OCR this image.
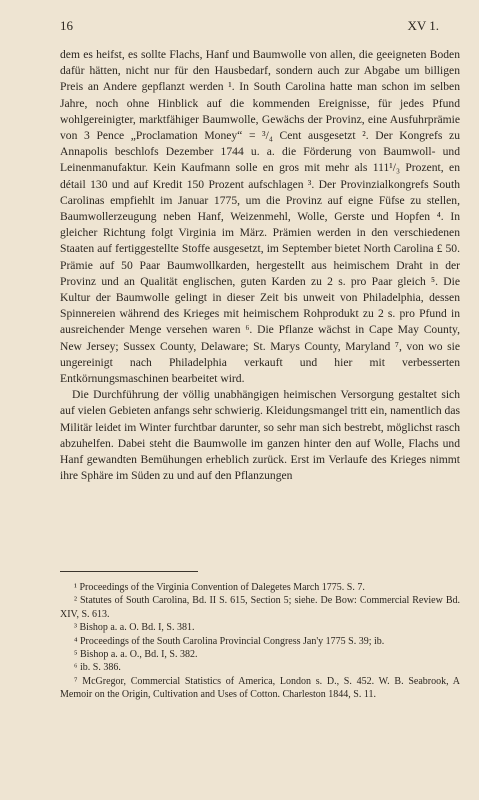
16	XV 1.

dem es heifst, es sollte Flachs, Hanf und Baumwolle von allen, die geeigneten Boden dafür hätten, nicht nur für den Hausbedarf, sondern auch zur Abgabe um billigen Preis an Andere gepflanzt werden ¹. In South Carolina hatte man schon im selben Jahre, noch ohne Hinblick auf die kommenden Ereignisse, für jedes Pfund wohlgereinigter, marktfähiger Baumwolle, Gewächs der Provinz, eine Ausfuhrprämie von 3 Pence „Proclamation Money“ = ³/₄ Cent ausgesetzt ². Der Kongrefs zu Annapolis beschlofs Dezember 1744 u. a. die Förderung von Baumwoll- und Leinenmanufaktur. Kein Kaufmann solle en gros mit mehr als 111¹/₃ Prozent, en détail 130 und auf Kredit 150 Prozent aufschlagen ³. Der Provinzialkongrefs South Carolinas empfiehlt im Januar 1775, um die Provinz auf eigne Füfse zu stellen, Baumwollerzeugung neben Hanf, Weizenmehl, Wolle, Gerste und Hopfen ⁴. In gleicher Richtung folgt Virginia im März. Prämien werden in den verschiedenen Staaten auf fertiggestellte Stoffe ausgesetzt, im September bietet North Carolina £ 50. Prämie auf 50 Paar Baumwollkarden, hergestellt aus heimischem Draht in der Provinz und an Qualität englischen, guten Karden zu 2 s. pro Paar gleich ⁵. Die Kultur der Baumwolle gelingt in dieser Zeit bis unweit von Philadelphia, dessen Spinnereien während des Krieges mit heimischem Rohprodukt zu 2 s. pro Pfund in ausreichender Menge versehen waren ⁶. Die Pflanze wächst in Cape May County, New Jersey; Sussex County, Delaware; St. Marys County, Maryland ⁷, von wo sie ungereinigt nach Philadelphia verkauft und hier mit verbesserten Entkörnungsmaschinen bearbeitet wird.

Die Durchführung der völlig unabhängigen heimischen Versorgung gestaltet sich auf vielen Gebieten anfangs sehr schwierig. Kleidungsmangel tritt ein, namentlich das Militär leidet im Winter furchtbar darunter, so sehr man sich bestrebt, möglichst rasch abzuhelfen. Dabei steht die Baumwolle im ganzen hinter den auf Wolle, Flachs und Hanf gewandten Bemühungen erheblich zurück. Erst im Verlaufe des Krieges nimmt ihre Sphäre im Süden zu und auf den Pflanzungen

¹ Proceedings of the Virginia Convention of Dalegetes March 1775. S. 7.
² Statutes of South Carolina, Bd. II S. 615, Section 5; siehe. De Bow: Commercial Review Bd. XIV, S. 613.
³ Bishop a. a. O. Bd. I, S. 381.
⁴ Proceedings of the South Carolina Provincial Congress Jan'y 1775 S. 39; ib.
⁵ Bishop a. a. O., Bd. I, S. 382.
⁶ ib. S. 386.
⁷ McGregor, Commercial Statistics of America, London s. D., S. 452. W. B. Seabrook, A Memoir on the Origin, Cultivation and Uses of Cotton. Charleston 1844, S. 11.
